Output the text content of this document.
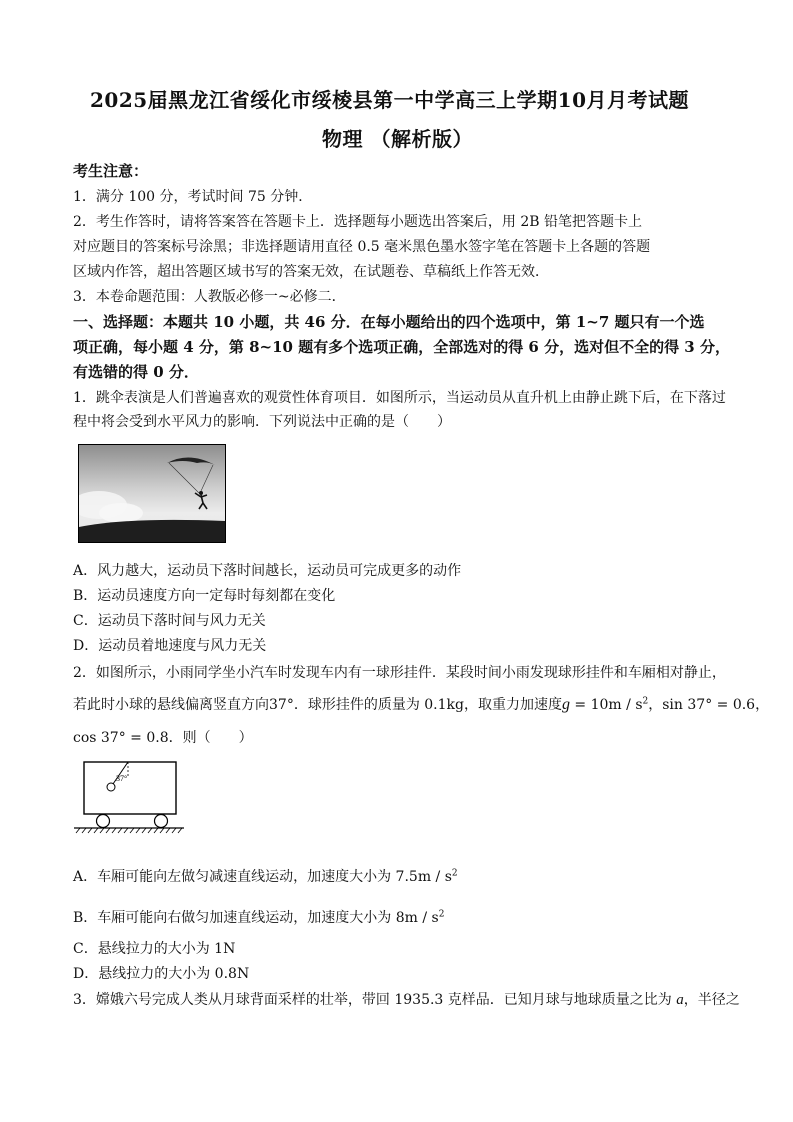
2025届黑龙江省绥化市绥棱县第一中学高三上学期10月月考试题
物理 （解析版）
考生注意：
1．满分 100 分，考试时间 75 分钟．
2．考生作答时，请将答案答在答题卡上．选择题每小题选出答案后，用 2B 铅笔把答题卡上
对应题目的答案标号涂黑；非选择题请用直径 0.5 毫米黑色墨水签字笔在答题卡上各题的答题
区域内作答，超出答题区域书写的答案无效，在试题卷、草稿纸上作答无效．
3．本卷命题范围：人教版必修一~必修二．
一、选择题：本题共 10 小题，共 46 分．在每小题给出的四个选项中，第 1~7 题只有一个选
项正确，每小题 4 分，第 8~10 题有多个选项正确，全部选对的得 6 分，选对但不全的得 3 分，
有选错的得 0 分．
1．跳伞表演是人们普遍喜欢的观赏性体育项目．如图所示，当运动员从直升机上由静止跳下后，在下落过
程中将会受到水平风力的影响．下列说法中正确的是（　　）
A．风力越大，运动员下落时间越长，运动员可完成更多的动作
B．运动员速度方向一定每时每刻都在变化
C．运动员下落时间与风力无关
D．运动员着地速度与风力无关
2．如图所示，小雨同学坐小汽车时发现车内有一球形挂件．某段时间小雨发现球形挂件和车厢相对静止，
若此时小球的悬线偏离竖直方向37°．球形挂件的质量为 0.1kg，取重力加速度$g = 10m / s^2$，sin 37° = 0.6，
cos 37° = 0.8．则（　　）
37°
A．车厢可能向左做匀减速直线运动，加速度大小为 $7.5m / s^2$
B．车厢可能向右做匀加速直线运动，加速度大小为 $8m / s^2$
C．悬线拉力的大小为 1N
D．悬线拉力的大小为 0.8N
3．嫦娥六号完成人类从月球背面采样的壮举，带回 1935.3 克样品．已知月球与地球质量之比为 a，半径之
